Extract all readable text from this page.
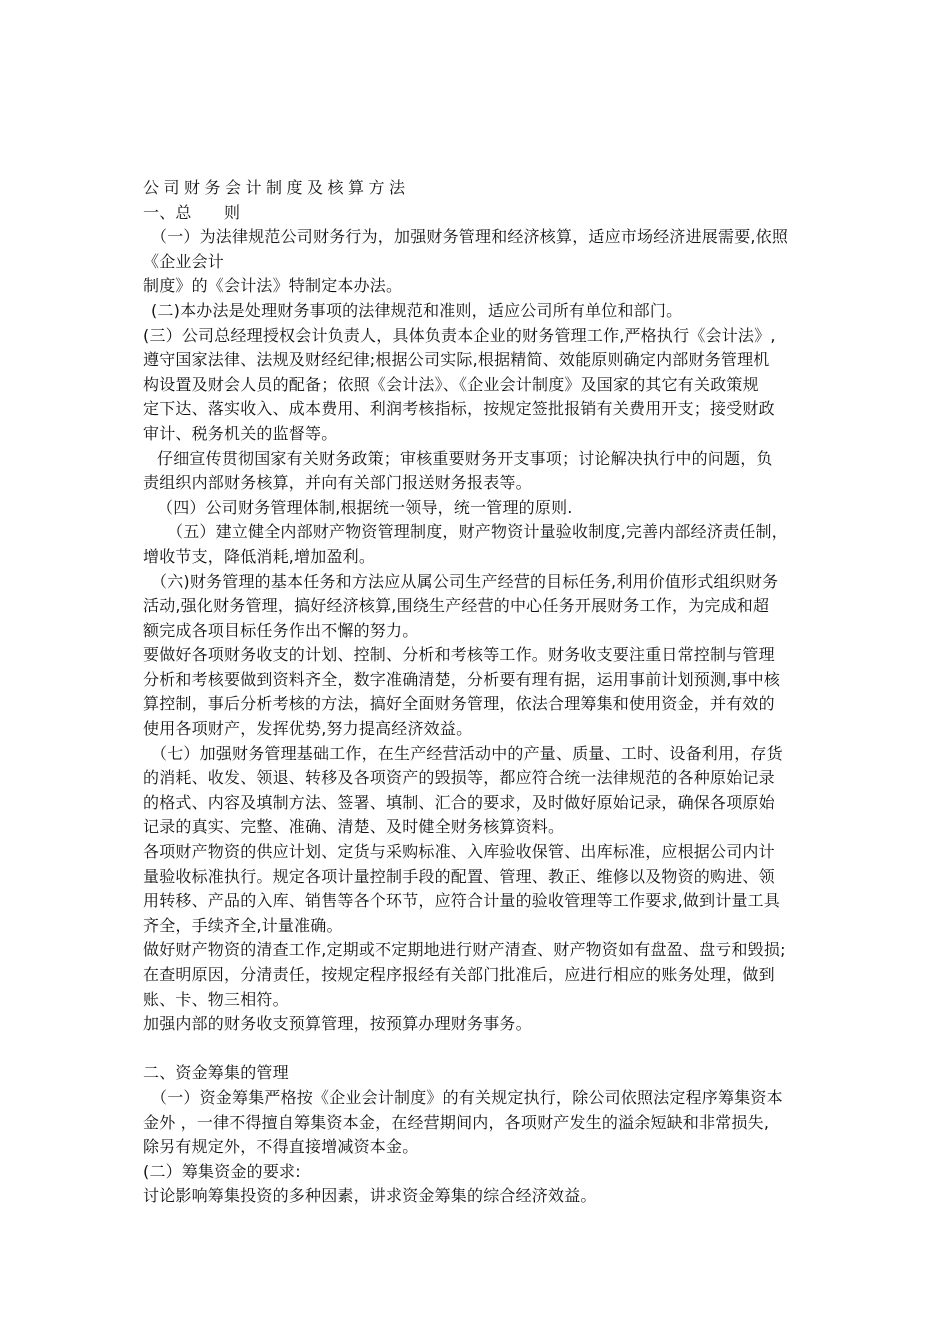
公司财务会计制度及核算方法

一、总　　则

（一）为法律规范公司财务行为，加强财务管理和经济核算，适应市场经济进展需要,依照

《企业会计

制度》的《会计法》特制定本办法。

(二)本办法是处理财务事项的法律规范和准则，适应公司所有单位和部门。

(三）公司总经理授权会计负责人，具体负责本企业的财务管理工作,严格执行《会计法》,

遵守国家法律、法规及财经纪律;根据公司实际,根据精简、效能原则确定内部财务管理机

构设置及财会人员的配备；依照《会计法》、《企业会计制度》及国家的其它有关政策规

定下达、落实收入、成本费用、利润考核指标，按规定签批报销有关费用开支；接受财政

审计、税务机关的监督等。

仔细宣传贯彻国家有关财务政策；审核重要财务开支事项；讨论解决执行中的问题，负

责组织内部财务核算，并向有关部门报送财务报表等。

（四）公司财务管理体制,根据统一领导，统一管理的原则.

（五）建立健全内部财产物资管理制度，财产物资计量验收制度,完善内部经济责任制，

增收节支，降低消耗,增加盈利。

（六)财务管理的基本任务和方法应从属公司生产经营的目标任务,利用价值形式组织财务

活动,强化财务管理，搞好经济核算,围绕生产经营的中心任务开展财务工作，为完成和超

额完成各项目标任务作出不懈的努力。

要做好各项财务收支的计划、控制、分析和考核等工作。财务收支要注重日常控制与管理

分析和考核要做到资料齐全，数字准确清楚，分析要有理有据，运用事前计划预测,事中核

算控制，事后分析考核的方法，搞好全面财务管理，依法合理筹集和使用资金，并有效的

使用各项财产，发挥优势,努力提高经济效益。

（七）加强财务管理基础工作，在生产经营活动中的产量、质量、工时、设备利用，存货

的消耗、收发、领退、转移及各项资产的毁损等，都应符合统一法律规范的各种原始记录

的格式、内容及填制方法、签署、填制、汇合的要求，及时做好原始记录，确保各项原始

记录的真实、完整、准确、清楚、及时健全财务核算资料。

各项财产物资的供应计划、定货与采购标准、入库验收保管、出库标准，应根据公司内计

量验收标准执行。规定各项计量控制手段的配置、管理、教正、维修以及物资的购进、领

用转移、产品的入库、销售等各个环节，应符合计量的验收管理等工作要求,做到计量工具

齐全，手续齐全,计量准确。

做好财产物资的清查工作,定期或不定期地进行财产清查、财产物资如有盘盈、盘亏和毁损;

在查明原因，分清责任，按规定程序报经有关部门批准后，应进行相应的账务处理，做到

账、卡、物三相符。

加强内部的财务收支预算管理，按预算办理财务事务。

二、资金筹集的管理

（一）资金筹集严格按《企业会计制度》的有关规定执行，除公司依照法定程序筹集资本

金外 ，一律不得擅自筹集资本金，在经营期间内，各项财产发生的溢余短缺和非常损失,

除另有规定外，不得直接增减资本金。

(二）筹集资金的要求:

讨论影响筹集投资的多种因素，讲求资金筹集的综合经济效益。
